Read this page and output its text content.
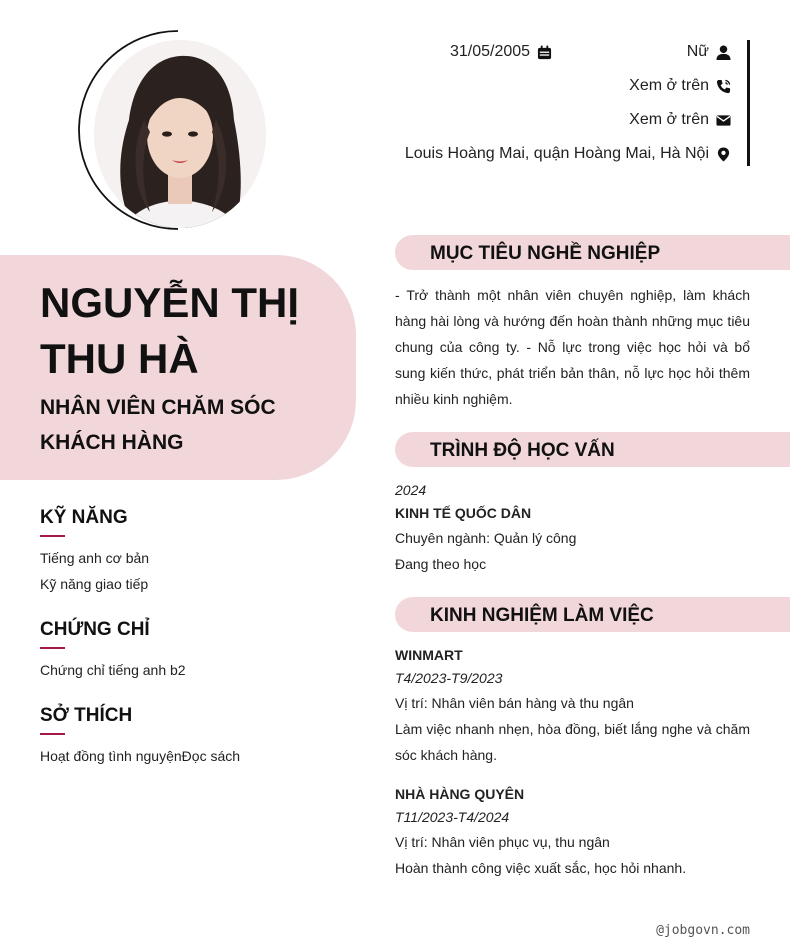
31/05/2005	Nữ
Xem ở trên
Xem ở trên
Louis Hoàng Mai, quận Hoàng Mai, Hà Nội
NGUYỄN THỊ THU HÀ
NHÂN VIÊN CHĂM SÓC KHÁCH HÀNG
KỸ NĂNG
Tiếng anh cơ bản
Kỹ năng giao tiếp
CHỨNG CHỈ
Chứng chỉ tiếng anh b2
SỞ THÍCH
Hoạt đồng tình nguyệnĐọc sách
MỤC TIÊU NGHỀ NGHIỆP
- Trở thành một nhân viên chuyên nghiệp, làm khách hàng hài lòng và hướng đến hoàn thành những mục tiêu chung của công ty. - Nỗ lực trong việc học hỏi và bổ sung kiến thức, phát triển bản thân, nỗ lực học hỏi thêm nhiều kinh nghiệm.
TRÌNH ĐỘ HỌC VẤN
2024
KINH TẾ QUỐC DÂN
Chuyên ngành: Quản lý công
Đang theo học
KINH NGHIỆM LÀM VIỆC
WINMART
T4/2023-T9/2023
Vị trí: Nhân viên bán hàng và thu ngân
Làm việc nhanh nhẹn, hòa đồng, biết lắng nghe và chăm sóc khách hàng.
NHÀ HÀNG QUYÊN
T11/2023-T4/2024
Vị trí: Nhân viên phục vụ, thu ngân
Hoàn thành công việc xuất sắc, học hỏi nhanh.
@jobgovn.com
